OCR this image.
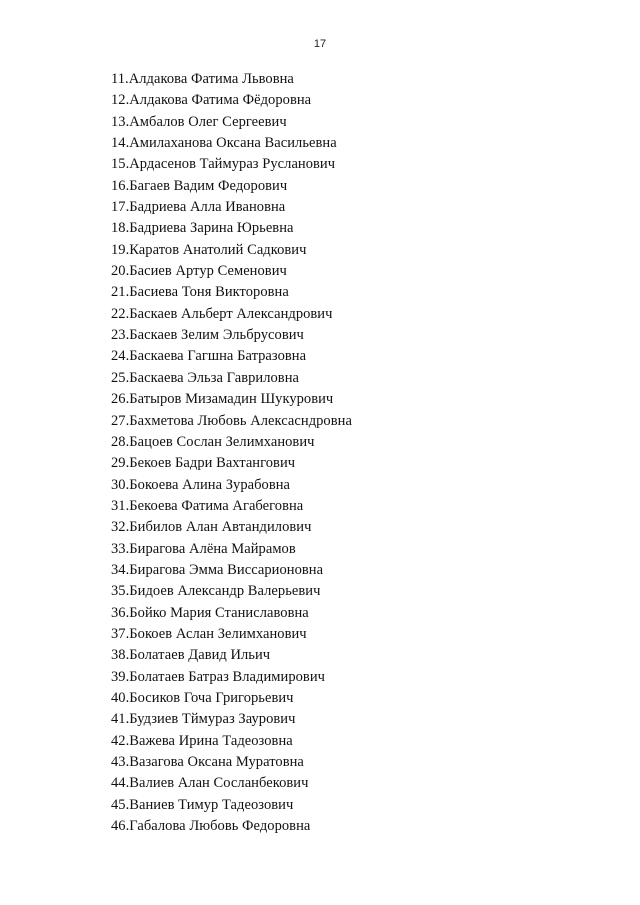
17
11.Алдакова Фатима Львовна
12.Алдакова Фатима Фёдоровна
13.Амбалов Олег Сергеевич
14.Амилаханова Оксана Васильевна
15.Ардасенов Таймураз Русланович
16.Багаев Вадим Федорович
17.Бадриева Алла Ивановна
18.Бадриева Зарина Юрьевна
19.Каратов Анатолий Садкович
20.Басиев Артур Семенович
21.Басиева Тоня Викторовна
22.Баскаев Альберт Александрович
23.Баскаев Зелим Эльбрусович
24.Баскаева Гагшна Батразовна
25.Баскаева Эльза Гавриловна
26.Батыров Мизамадин Шукурович
27.Бахметова Любовь Алексасндровна
28.Бацоев Сослан Зелимханович
29.Бекоев Бадри Вахтангович
30.Бокоева Алина Зурабовна
31.Бекоева Фатима Агабеговна
32.Бибилов Алан Автандилович
33.Бирагова Алёна Майрамов
34.Бирагова Эмма Виссарионовна
35.Бидоев Александр Валерьевич
36.Бойко Мария Станиславовна
37.Бокоев Аслан Зелимханович
38.Болатаев Давид Ильич
39.Болатаев Батраз Владимирович
40.Босиков Гоча Григорьевич
41.Будзиев Тймураз Заурович
42.Важева Ирина Тадеозовна
43.Вазагова Оксана Муратовна
44.Валиев Алан Сосланбекович
45.Ваниев Тимур Тадеозович
46.Габалова Любовь Федоровна
